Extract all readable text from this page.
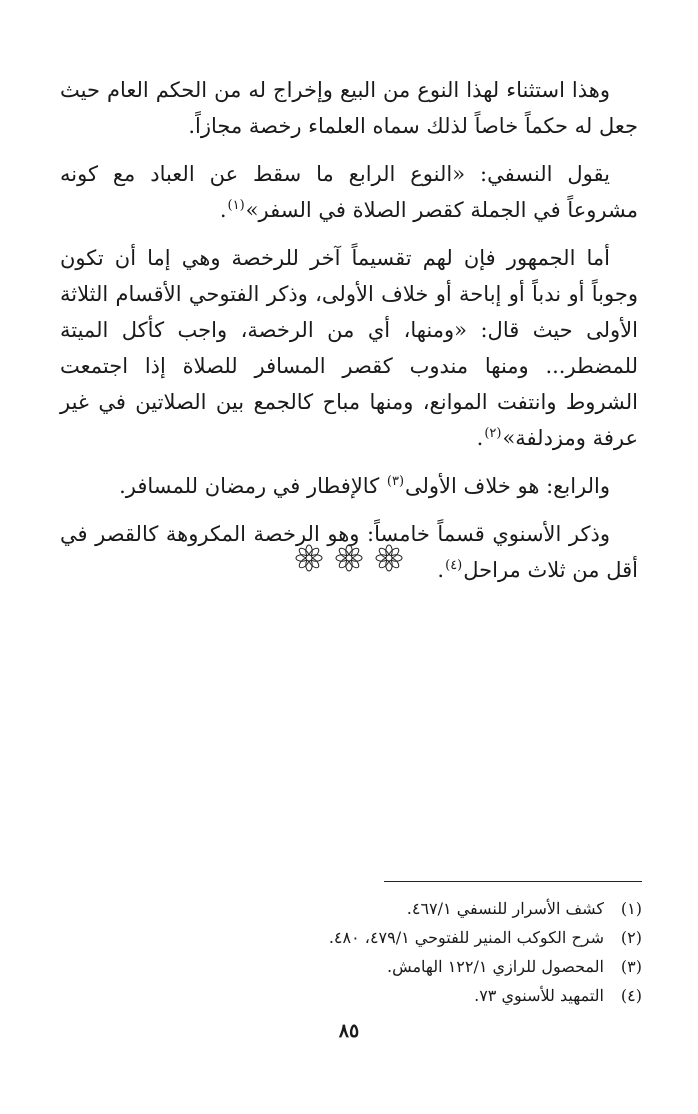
وهذا استثناء لهذا النوع من البيع وإخراج له من الحكم العام حيث جعل له حكماً خاصاً لذلك سماه العلماء رخصة مجازاً.

يقول النسفي: «النوع الرابع ما سقط عن العباد مع كونه مشروعاً في الجملة كقصر الصلاة في السفر»$^{(١)}$.

أما الجمهور فإن لهم تقسيماً آخر للرخصة وهي إما أن تكون وجوباً أو ندباً أو إباحة أو خلاف الأولى، وذكر الفتوحي الأقسام الثلاثة الأولى حيث قال: «ومنها، أي من الرخصة، واجب كأكل الميتة للمضطر... ومنها مندوب كقصر المسافر للصلاة إذا اجتمعت الشروط وانتفت الموانع، ومنها مباح كالجمع بين الصلاتين في غير عرفة ومزدلفة»$^{(٢)}$.

والرابع: هو خلاف الأولى$^{(٣)}$ كالإفطار في رمضان للمسافر.

وذكر الأسنوي قسماً خامساً: وهو الرخصة المكروهة كالقصر في أقل من ثلاث مراحل$^{(٤)}$.

(١)
كشف الأسرار للنسفي ٤٦٧/١.
(٢)
شرح الكوكب المنير للفتوحي ٤٧٩/١، ٤٨٠.
(٣)
المحصول للرازي ١٢٢/١ الهامش.
(٤)
التمهيد للأسنوي ٧٣.
٨٥
